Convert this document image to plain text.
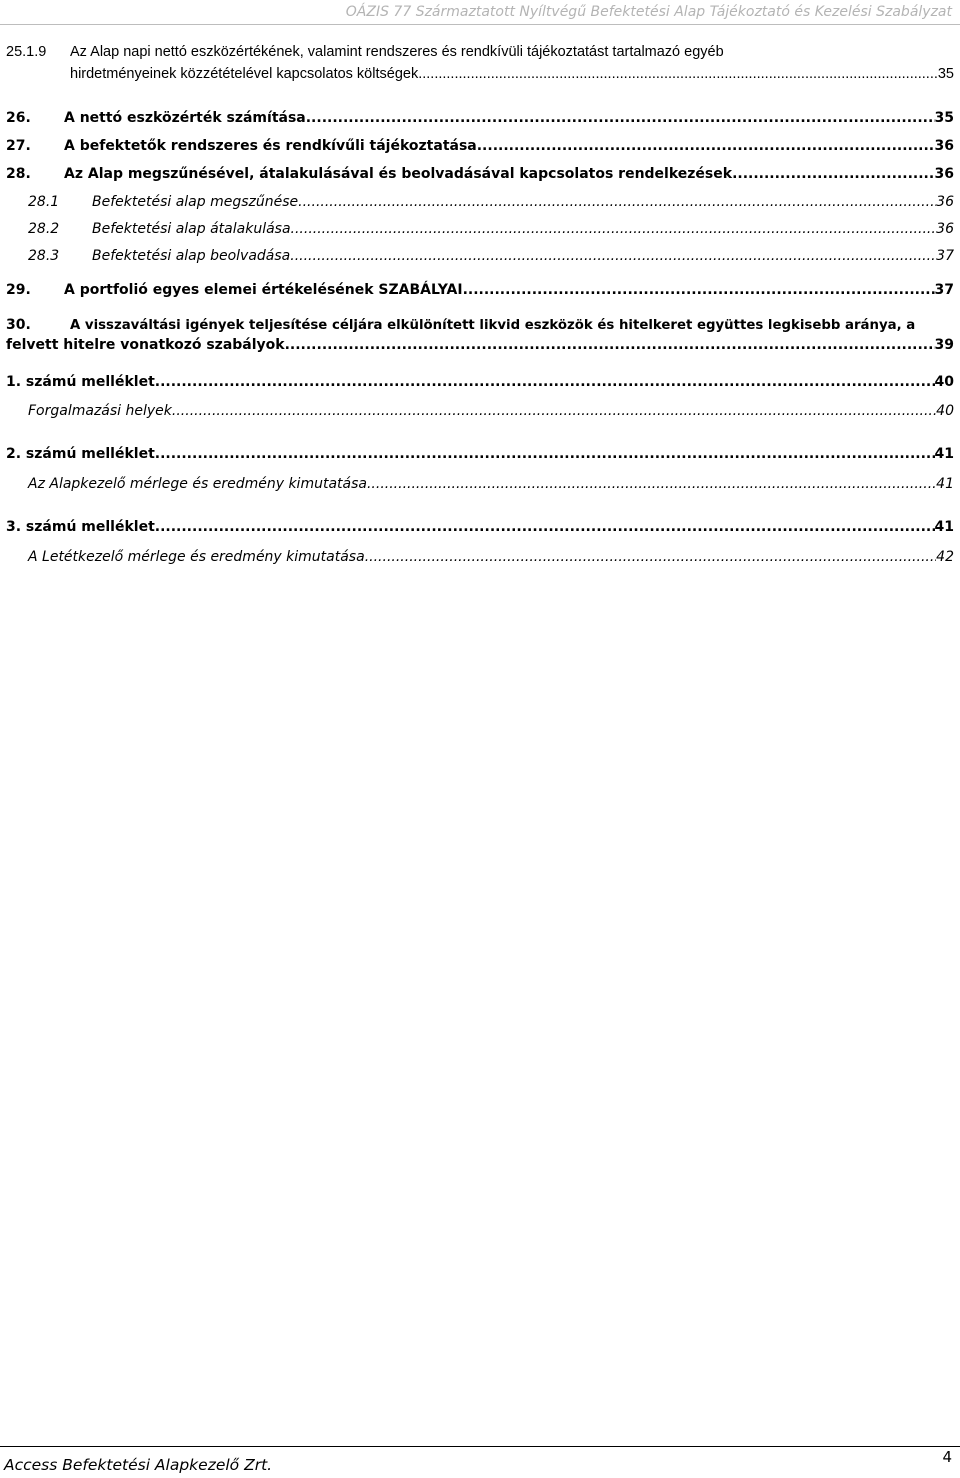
OÁZIS 77 Származtatott Nyíltvégű Befektetési Alap Tájékoztató és Kezelési Szabályzat
25.1.9	Az Alap napi nettó eszközértékének, valamint rendszeres és rendkívüli tájékoztatást tartalmazó egyéb
hirdetményeinek közzétételével kapcsolatos költségek .....	35
26.	A nettó eszközérték számítása .....	35
27.	A befektetők rendszeres és rendkívűli tájékoztatása .....	36
28.	Az Alap megszűnésével, átalakulásával és beolvadásával kapcsolatos rendelkezések .....	36
28.1	Befektetési alap megszűnése .....	36
28.2	Befektetési alap átalakulása .....	36
28.3	Befektetési alap beolvadása .....	37
29.	A portfolió egyes elemei értékelésének SZABÁLYAI .....	37
30.	A visszaváltási igények teljesítése céljára elkülönített likvid eszközök és hitelkeret együttes legkisebb aránya, a
felvett hitelre vonatkozó szabályok .....	39
1. számú melléklet .....	40
Forgalmazási helyek .....	40
2. számú melléklet .....	41
Az Alapkezelő mérlege és eredmény kimutatása .....	41
3. számú melléklet .....	41
A Letétkezelő mérlege és eredmény kimutatása .....	42
Access Befektetési Alapkezelő Zrt.	4
